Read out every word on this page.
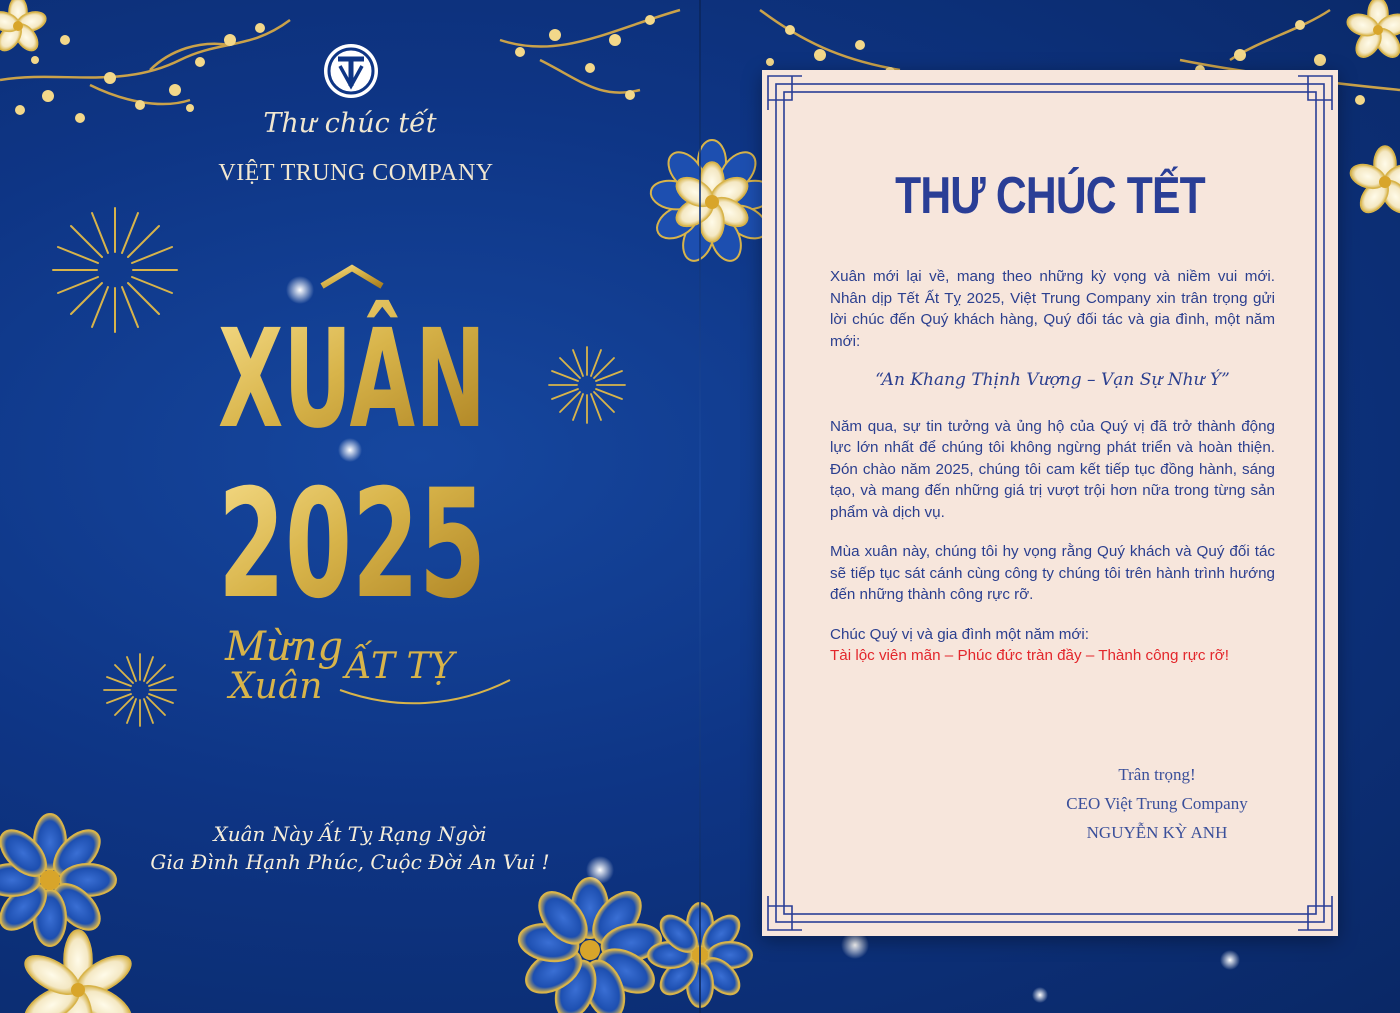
Thư chúc tết
VIỆT TRUNG COMPANY
XUÂN
2025
Mừng
Xuân ẤT TỴ
Xuân Này Ất Tỵ Rạng Ngời
Gia Đình Hạnh Phúc, Cuộc Đời An Vui !
THƯ CHÚC TẾT

Xuân mới lại về, mang theo những kỳ vọng và niềm vui mới. Nhân dịp Tết Ất Tỵ 2025, Việt Trung Company xin trân trọng gửi lời chúc đến Quý khách hàng, Quý đối tác và gia đình, một năm mới:

“An Khang Thịnh Vượng – Vạn Sự Như Ý”

Năm qua, sự tin tưởng và ủng hộ của Quý vị đã trở thành động lực lớn nhất để chúng tôi không ngừng phát triển và hoàn thiện. Đón chào năm 2025, chúng tôi cam kết tiếp tục đồng hành, sáng tạo, và mang đến những giá trị vượt trội hơn nữa trong từng sản phẩm và dịch vụ.

Mùa xuân này, chúng tôi hy vọng rằng Quý khách và Quý đối tác sẽ tiếp tục sát cánh cùng công ty chúng tôi trên hành trình hướng đến những thành công rực rỡ.

Chúc Quý vị và gia đình một năm mới:
Tài lộc viên mãn – Phúc đức tràn đầy – Thành công rực rỡ!

Trân trọng!
CEO Việt Trung Company
NGUYỄN KỲ ANH
